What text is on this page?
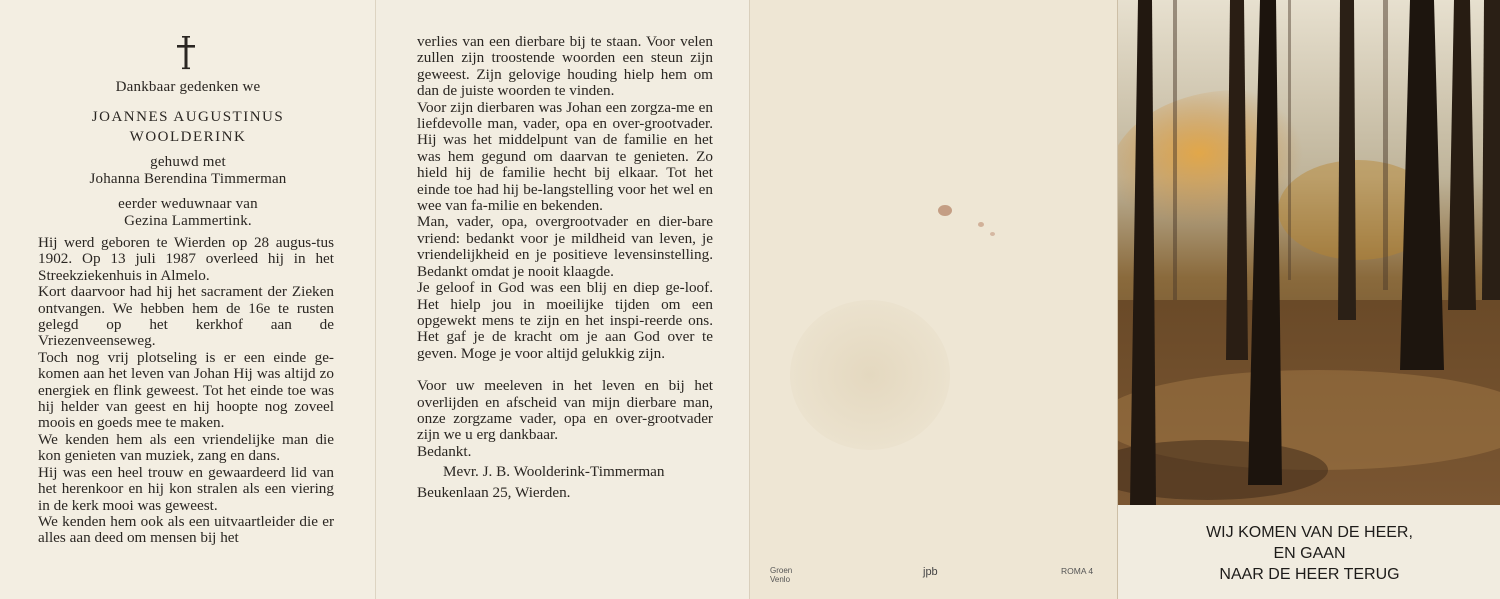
Dankbaar gedenken we
JOANNES AUGUSTINUS
WOOLDERINK
gehuwd met
Johanna Berendina Timmerman
eerder weduwnaar van
Gezina Lammertink.

Hij werd geboren te Wierden op 28 augus-tus 1902. Op 13 juli 1987 overleed hij in het Streekziekenhuis in Almelo.

Kort daarvoor had hij het sacrament der Zieken ontvangen. We hebben hem de 16e te rusten gelegd op het kerkhof aan de Vriezenveenseweg.

Toch nog vrij plotseling is er een einde ge-komen aan het leven van Johan Hij was altijd zo energiek en flink geweest. Tot het einde toe was hij helder van geest en hij hoopte nog zoveel moois en goeds mee te maken.

We kenden hem als een vriendelijke man die kon genieten van muziek, zang en dans.

Hij was een heel trouw en gewaardeerd lid van het herenkoor en hij kon stralen als een viering in de kerk mooi was geweest.

We kenden hem ook als een uitvaartleider die er alles aan deed om mensen bij het

verlies van een dierbare bij te staan. Voor velen zullen zijn troostende woorden een steun zijn geweest. Zijn gelovige houding hielp hem om dan de juiste woorden te vinden.

Voor zijn dierbaren was Johan een zorgza-me en liefdevolle man, vader, opa en over-grootvader. Hij was het middelpunt van de familie en het was hem gegund om daarvan te genieten. Zo hield hij de familie hecht bij elkaar. Tot het einde toe had hij be-langstelling voor het wel en wee van fa-milie en bekenden.

Man, vader, opa, overgrootvader en dier-bare vriend: bedankt voor je mildheid van leven, je vriendelijkheid en je positieve levensinstelling. Bedankt omdat je nooit klaagde.

Je geloof in God was een blij en diep ge-loof. Het hielp jou in moeilijke tijden om een opgewekt mens te zijn en het inspi-reerde ons. Het gaf je de kracht om je aan God over te geven. Moge je voor altijd gelukkig zijn.

Voor uw meeleven in het leven en bij het overlijden en afscheid van mijn dierbare man, onze zorgzame vader, opa en over-grootvader zijn we u erg dankbaar.

Bedankt.

Mevr. J. B. Woolderink-Timmerman

Beukenlaan 25, Wierden.

Groen
Venlo
jpb	ROMA 4
WIJ KOMEN VAN DE HEER,
EN GAAN
NAAR DE HEER TERUG
